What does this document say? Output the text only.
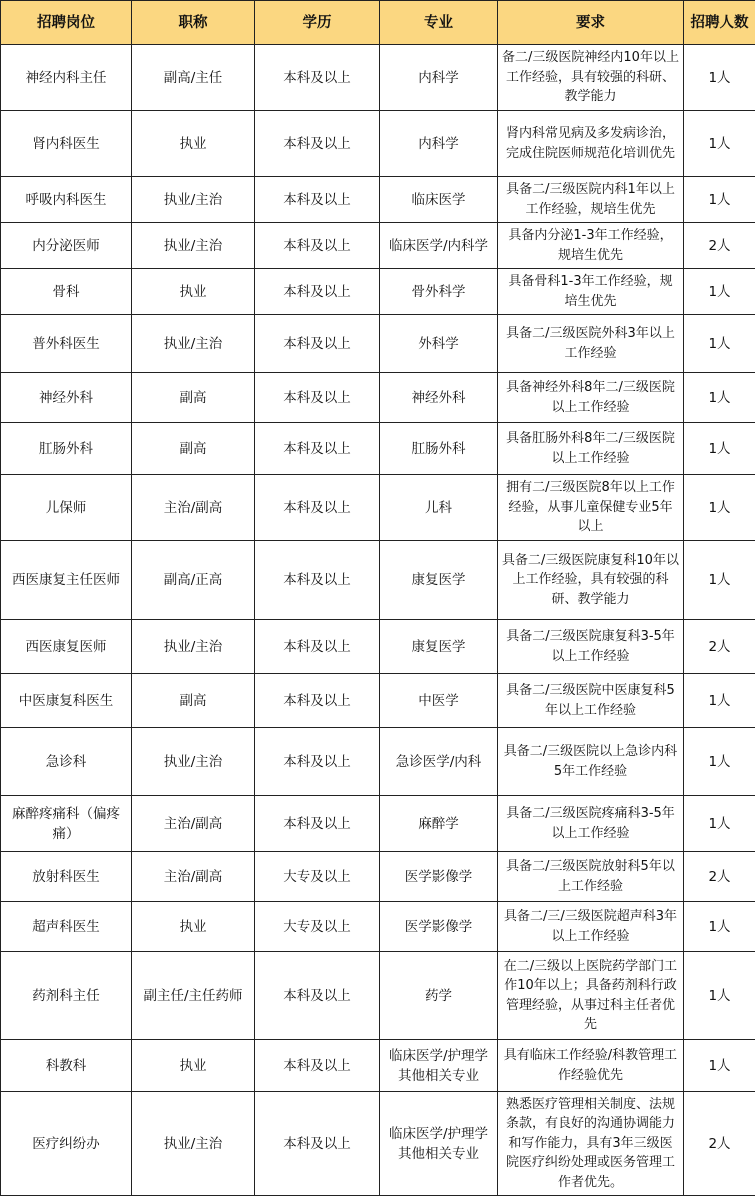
招聘岗位	职称	学历	专业	要求	招聘人数
神经内科主任	副高/主任	本科及以上	内科学	备二/三级医院神经内10年以上工作经验，具有较强的科研、教学能力	1人
肾内科医生	执业	本科及以上	内科学	肾内科常见病及多发病诊治，完成住院医师规范化培训优先	1人
呼吸内科医生	执业/主治	本科及以上	临床医学	具备二/三级医院内科1年以上工作经验，规培生优先	1人
内分泌医师	执业/主治	本科及以上	临床医学/内科学	具备内分泌1-3年工作经验，规培生优先	2人
骨科	执业	本科及以上	骨外科学	具备骨科1-3年工作经验，规培生优先	1人
普外科医生	执业/主治	本科及以上	外科学	具备二/三级医院外科3年以上工作经验	1人
神经外科	副高	本科及以上	神经外科	具备神经外科8年二/三级医院以上工作经验	1人
肛肠外科	副高	本科及以上	肛肠外科	具备肛肠外科8年二/三级医院以上工作经验	1人
儿保师	主治/副高	本科及以上	儿科	拥有二/三级医院8年以上工作经验，从事儿童保健专业5年以上	1人
西医康复主任医师	副高/正高	本科及以上	康复医学	具备二/三级医院康复科10年以上工作经验，具有较强的科研、教学能力	1人
西医康复医师	执业/主治	本科及以上	康复医学	具备二/三级医院康复科3-5年以上工作经验	2人
中医康复科医生	副高	本科及以上	中医学	具备二/三级医院中医康复科5年以上工作经验	1人
急诊科	执业/主治	本科及以上	急诊医学/内科	具备二/三级医院以上急诊内科5年工作经验	1人
麻醉疼痛科（偏疼痛）	主治/副高	本科及以上	麻醉学	具备二/三级医院疼痛科3-5年以上工作经验	1人
放射科医生	主治/副高	大专及以上	医学影像学	具备二/三级医院放射科5年以上工作经验	2人
超声科医生	执业	大专及以上	医学影像学	具备二/三/三级医院超声科3年以上工作经验	1人
药剂科主任	副主任/主任药师	本科及以上	药学	在二/三级以上医院药学部门工作10年以上；具备药剂科行政管理经验，从事过科主任者优先	1人
科教科	执业	本科及以上	临床医学/护理学其他相关专业	具有临床工作经验/科教管理工作经验优先	1人
医疗纠纷办	执业/主治	本科及以上	临床医学/护理学其他相关专业	熟悉医疗管理相关制度、法规条款，有良好的沟通协调能力和写作能力，具有3年三级医院医疗纠纷处理或医务管理工作者优先。	2人
